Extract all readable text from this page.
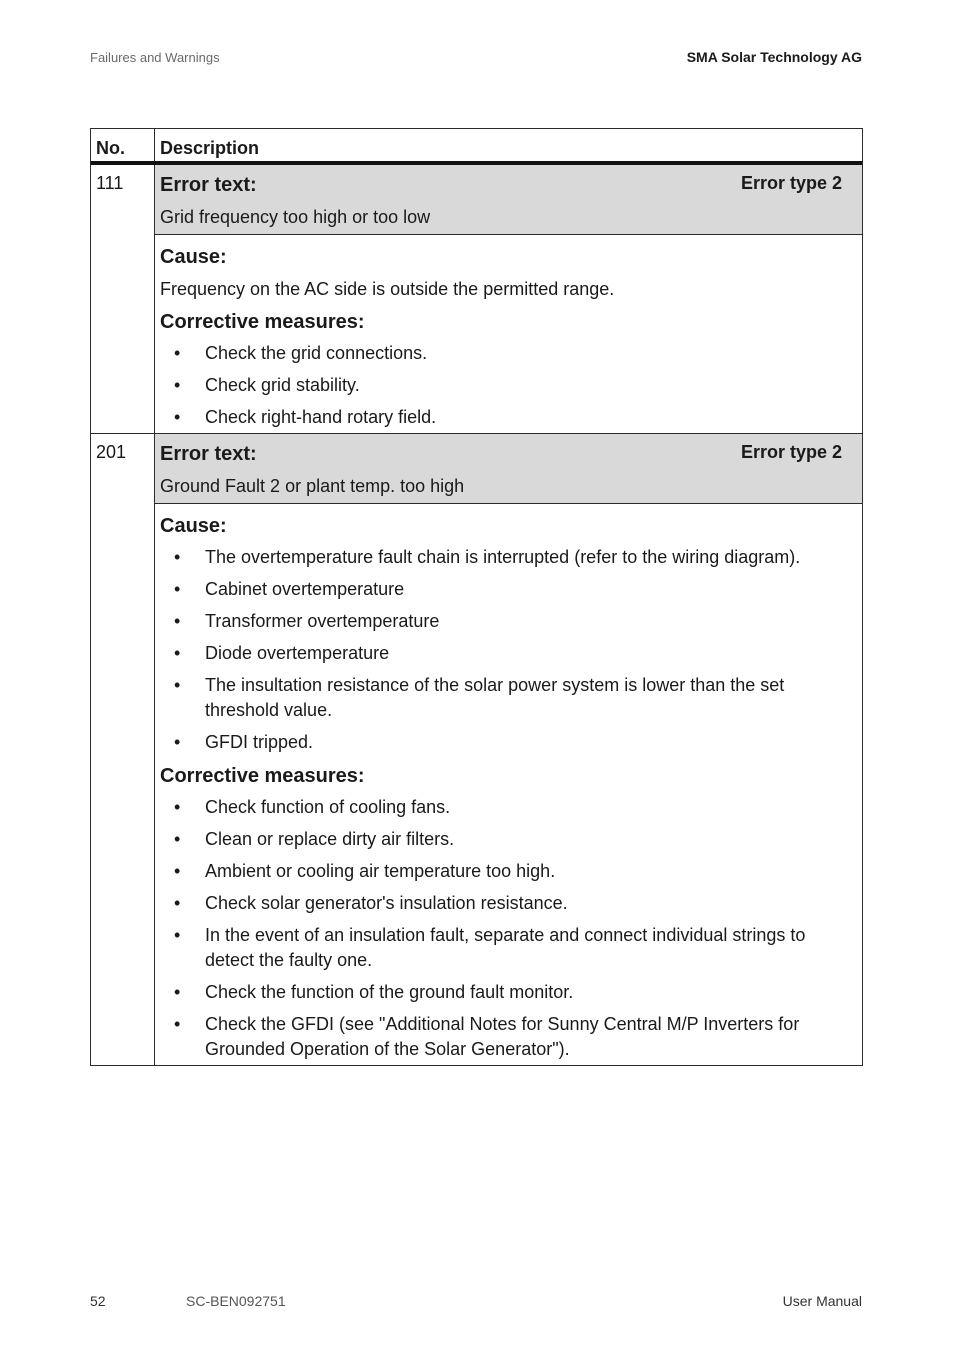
Failures and Warnings	SMA Solar Technology AG
No.	Description
111	Error text:	Error type 2
Grid frequency too high or too low
Cause:
Frequency on the AC side is outside the permitted range.
Corrective measures:
• Check the grid connections.
• Check grid stability.
• Check right-hand rotary field.
201	Error text:	Error type 2
Ground Fault 2 or plant temp. too high
Cause:
• The overtemperature fault chain is interrupted (refer to the wiring diagram).
• Cabinet overtemperature
• Transformer overtemperature
• Diode overtemperature
• The insultation resistance of the solar power system is lower than the set threshold value.
• GFDI tripped.
Corrective measures:
• Check function of cooling fans.
• Clean or replace dirty air filters.
• Ambient or cooling air temperature too high.
• Check solar generator's insulation resistance.
• In the event of an insulation fault, separate and connect individual strings to detect the faulty one.
• Check the function of the ground fault monitor.
• Check the GFDI (see "Additional Notes for Sunny Central M/P Inverters for Grounded Operation of the Solar Generator").
52	SC-BEN092751	User Manual
